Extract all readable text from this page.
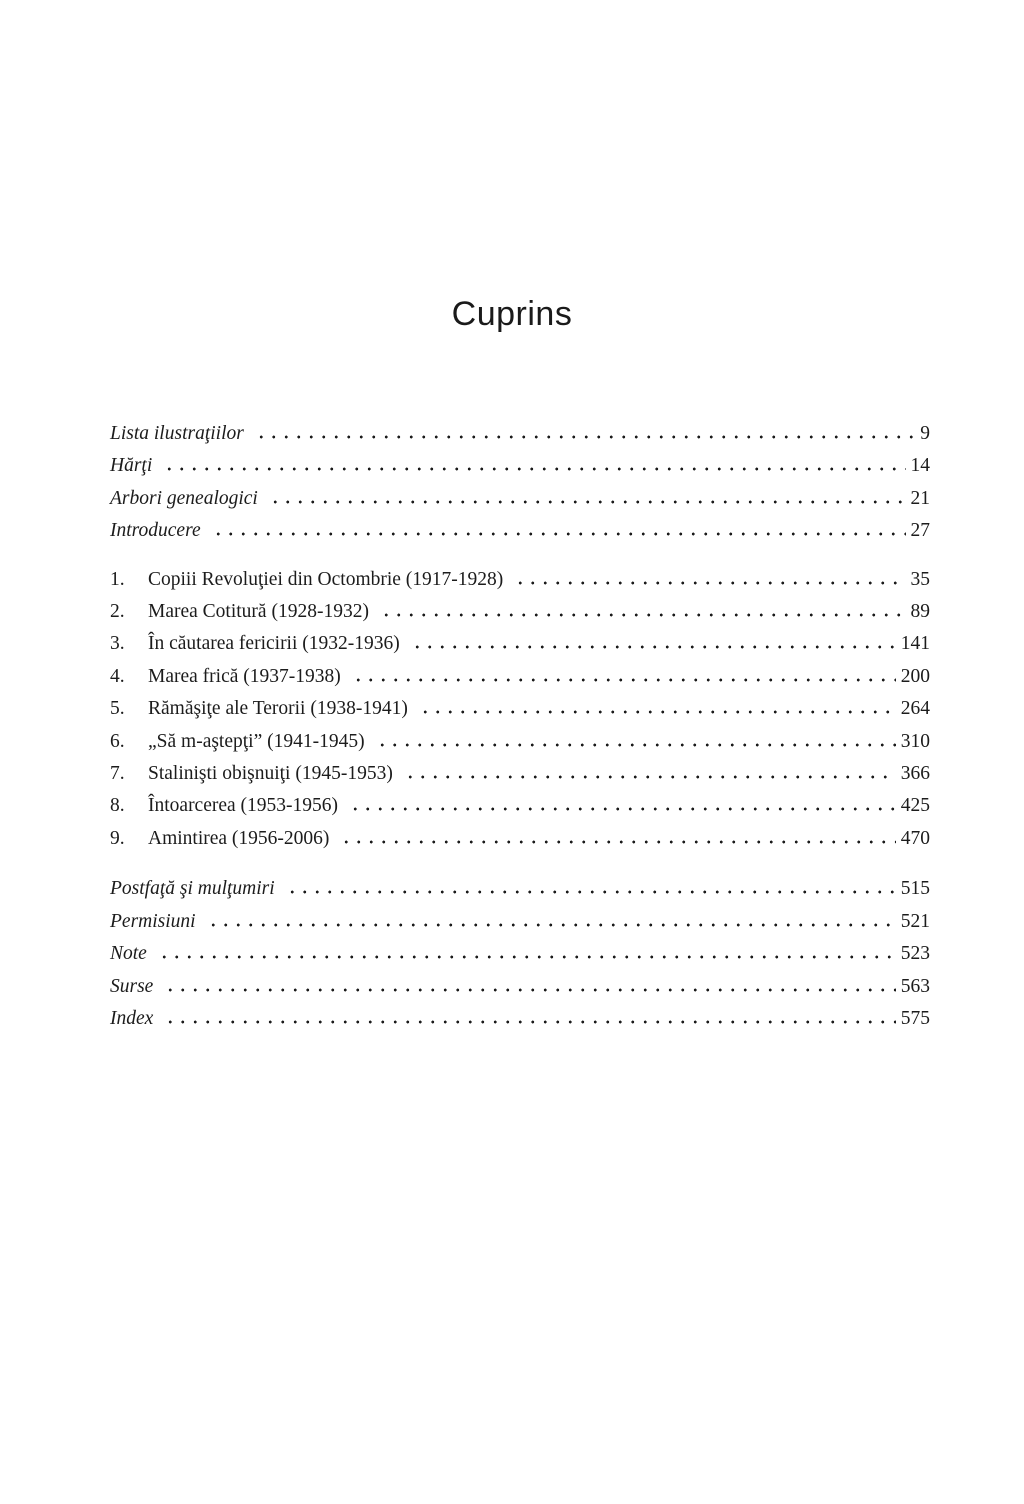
Cuprins
Lista ilustraţiilor	9
Hărţi	14
Arbori genealogici	21
Introducere	27
1.	Copiii Revoluţiei din Octombrie (1917-1928)	35
2.	Marea Cotitură (1928-1932)	89
3.	În căutarea fericirii (1932-1936)	141
4.	Marea frică (1937-1938)	200
5.	Rămăşiţe ale Terorii (1938-1941)	264
6.	„Să m-aştepţi” (1941-1945)	310
7.	Stalinişti obişnuiţi (1945-1953)	366
8.	Întoarcerea (1953-1956)	425
9.	Amintirea (1956-2006)	470
Postfaţă şi mulţumiri	515
Permisiuni	521
Note	523
Surse	563
Index	575
